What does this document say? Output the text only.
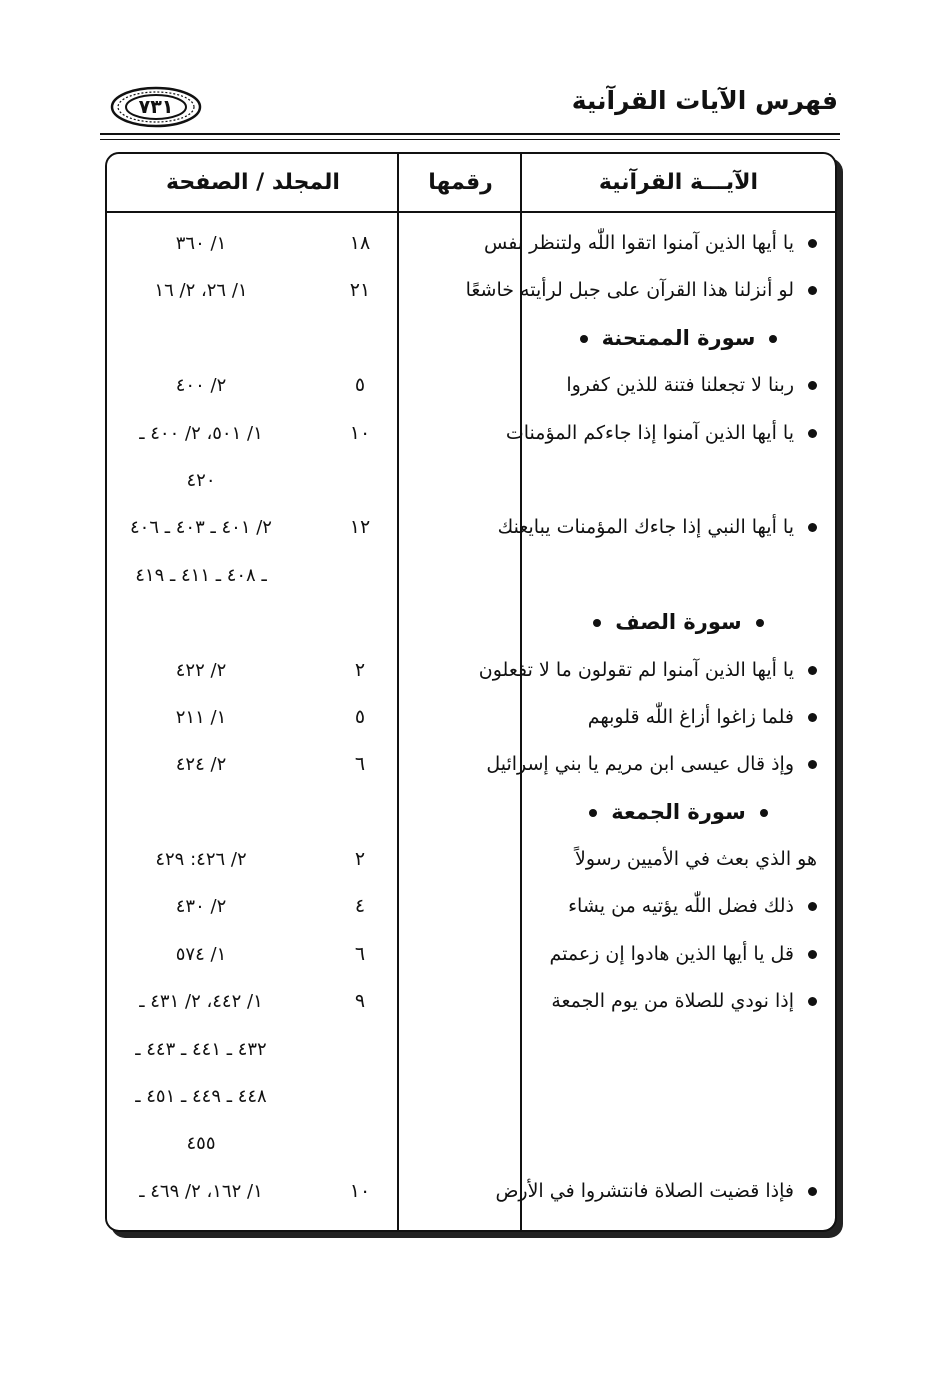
فهرس الآيات القرآنية
٧٣١
الآيـــة القرآنية
رقمها
المجلد / الصفحة
يا أيها الذين آمنوا اتقوا اللّٰه ولتنظر نفس
١٨
١/ ٣٦٠
لو أنزلنا هذا القرآن على جبل لرأيته خاشعًا
٢١
١/ ٢٦، ٢/ ١٦
سورة الممتحنة
ربنا لا تجعلنا فتنة للذين كفروا
٥
٢/ ٤٠٠
يا أيها الذين آمنوا إذا جاءكم المؤمنات
١٠
١/ ٥٠١، ٢/ ٤٠٠ ـ
٤٢٠
يا أيها النبي إذا جاءك المؤمنات يبايعنك
١٢
٢/ ٤٠١ ـ ٤٠٣ ـ ٤٠٦
ـ ٤٠٨ ـ ٤١١ ـ ٤١٩
سورة الصف
يا أيها الذين آمنوا لم تقولون ما لا تفعلون
٢
٢/ ٤٢٢
فلما زاغوا أزاغ اللّٰه قلوبهم
٥
١/ ٢١١
وإذ قال عيسى ابن مريم يا بني إسرائيل
٦
٢/ ٤٢٤
سورة الجمعة
هو الذي بعث في الأميين رسولاً
٢
٢/ ٤٢٦: ٤٢٩
ذلك فضل اللّٰه يؤتيه من يشاء
٤
٢/ ٤٣٠
قل يا أيها الذين هادوا إن زعمتم
٦
١/ ٥٧٤
إذا نودي للصلاة من يوم الجمعة
٩
١/ ٤٤٢، ٢/ ٤٣١ ـ
٤٣٢ ـ ٤٤١ ـ ٤٤٣ ـ
٤٤٨ ـ ٤٤٩ ـ ٤٥١ ـ
٤٥٥
فإذا قضيت الصلاة فانتشروا في الأرض
١٠
١/ ١٦٢، ٢/ ٤٦٩ ـ
